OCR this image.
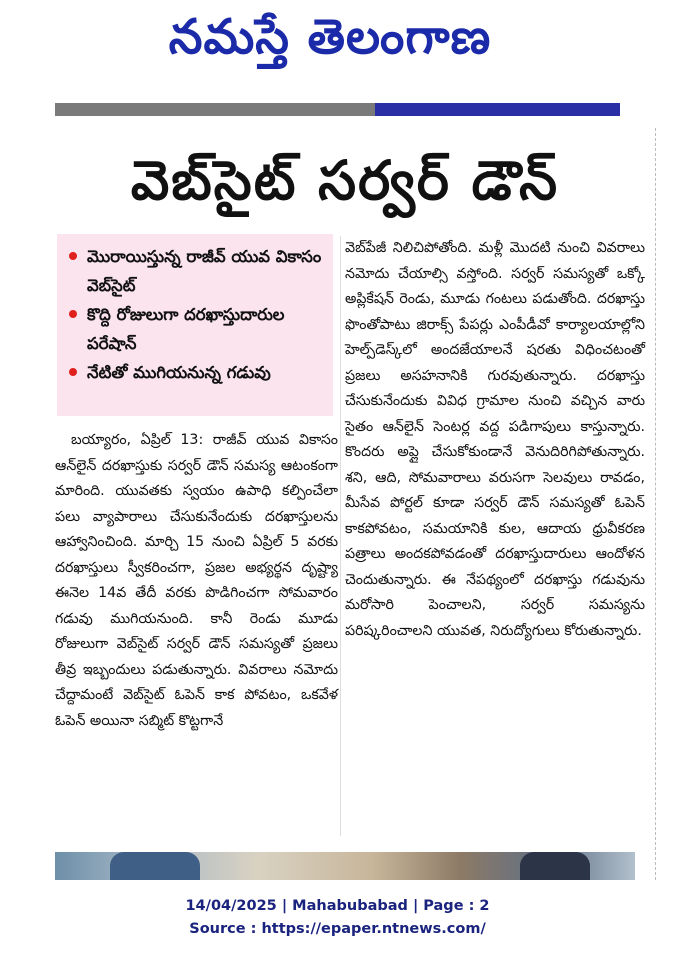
నమస్తే తెలంగాణ
వెబ్‌సైట్ సర్వర్ డౌన్
మొరాయిస్తున్న రాజీవ్ యువ వికాసం వెబ్‌సైట్
కొద్ది రోజులుగా దరఖాస్తుదారుల పరేషాన్
నేటితో ముగియనున్న గడువు

బయ్యారం, ఏప్రిల్ 13: రాజీవ్ యువ వికాసం ఆన్‌లైన్ దరఖాస్తుకు సర్వర్ డౌన్ సమస్య ఆటంకంగా మారింది. యువతకు స్వయం ఉపాధి కల్పించేలా పలు వ్యాపారాలు చేసుకునేందుకు దరఖాస్తులను ఆహ్వానించింది. మార్చి 15 నుంచి ఏప్రిల్ 5 వరకు దరఖాస్తులు స్వీకరించగా, ప్రజల అభ్యర్థన దృష్ట్యా ఈనెల 14వ తేదీ వరకు పొడిగించగా సోమవారం గడువు ముగియనుంది. కానీ రెండు మూడు రోజులుగా వెబ్‌సైట్ సర్వర్ డౌన్ సమస్యతో ప్రజలు తీవ్ర ఇబ్బందులు పడుతున్నారు. వివరాలు నమోదు చేద్దామంటే వెబ్‌సైట్ ఓపెన్ కాక పోవటం, ఒకవేళ ఓపెన్ అయినా సబ్మిట్ కొట్టగానే

వెబ్‌పేజీ నిలిచిపోతోంది. మళ్లీ మొదటి నుంచి వివరాలు నమోదు చేయాల్సి వస్తోంది. సర్వర్ సమస్యతో ఒక్కో అప్లికేషన్ రెండు, మూడు గంటలు పడుతోంది. దరఖాస్తు ఫొంతోపాటు జిరాక్స్ పేపర్లు ఎంపీడీవో కార్యాలయాల్లోని హెల్ప్‌డెస్క్‌లో అందజేయాలనే షరతు విధించటంతో ప్రజలు అసహనానికి గురవుతున్నారు. దరఖాస్తు చేసుకునేందుకు వివిధ గ్రామాల నుంచి వచ్చిన వారు సైతం ఆన్‌లైన్ సెంటర్ల వద్ద పడిగాపులు కాస్తున్నారు. కొందరు అప్లై చేసుకోకుండానే వెనుదిరిగిపోతున్నారు. శని, ఆది, సోమవారాలు వరుసగా సెలవులు రావడం, మీసేవ పోర్టల్ కూడా సర్వర్ డౌన్ సమస్యతో ఓపెన్ కాకపోవటం, సమయానికి కుల, ఆదాయ ధ్రువీకరణ పత్రాలు అందకపోవడంతో దరఖాస్తుదారులు ఆందోళన చెందుతున్నారు. ఈ నేపథ్యంలో దరఖాస్తు గడువును మరోసారి పెంచాలని, సర్వర్ సమస్యను పరిష్కరించాలని యువత, నిరుద్యోగులు కోరుతున్నారు.

14/04/2025 | Mahabubabad | Page : 2
Source : https://epaper.ntnews.com/
